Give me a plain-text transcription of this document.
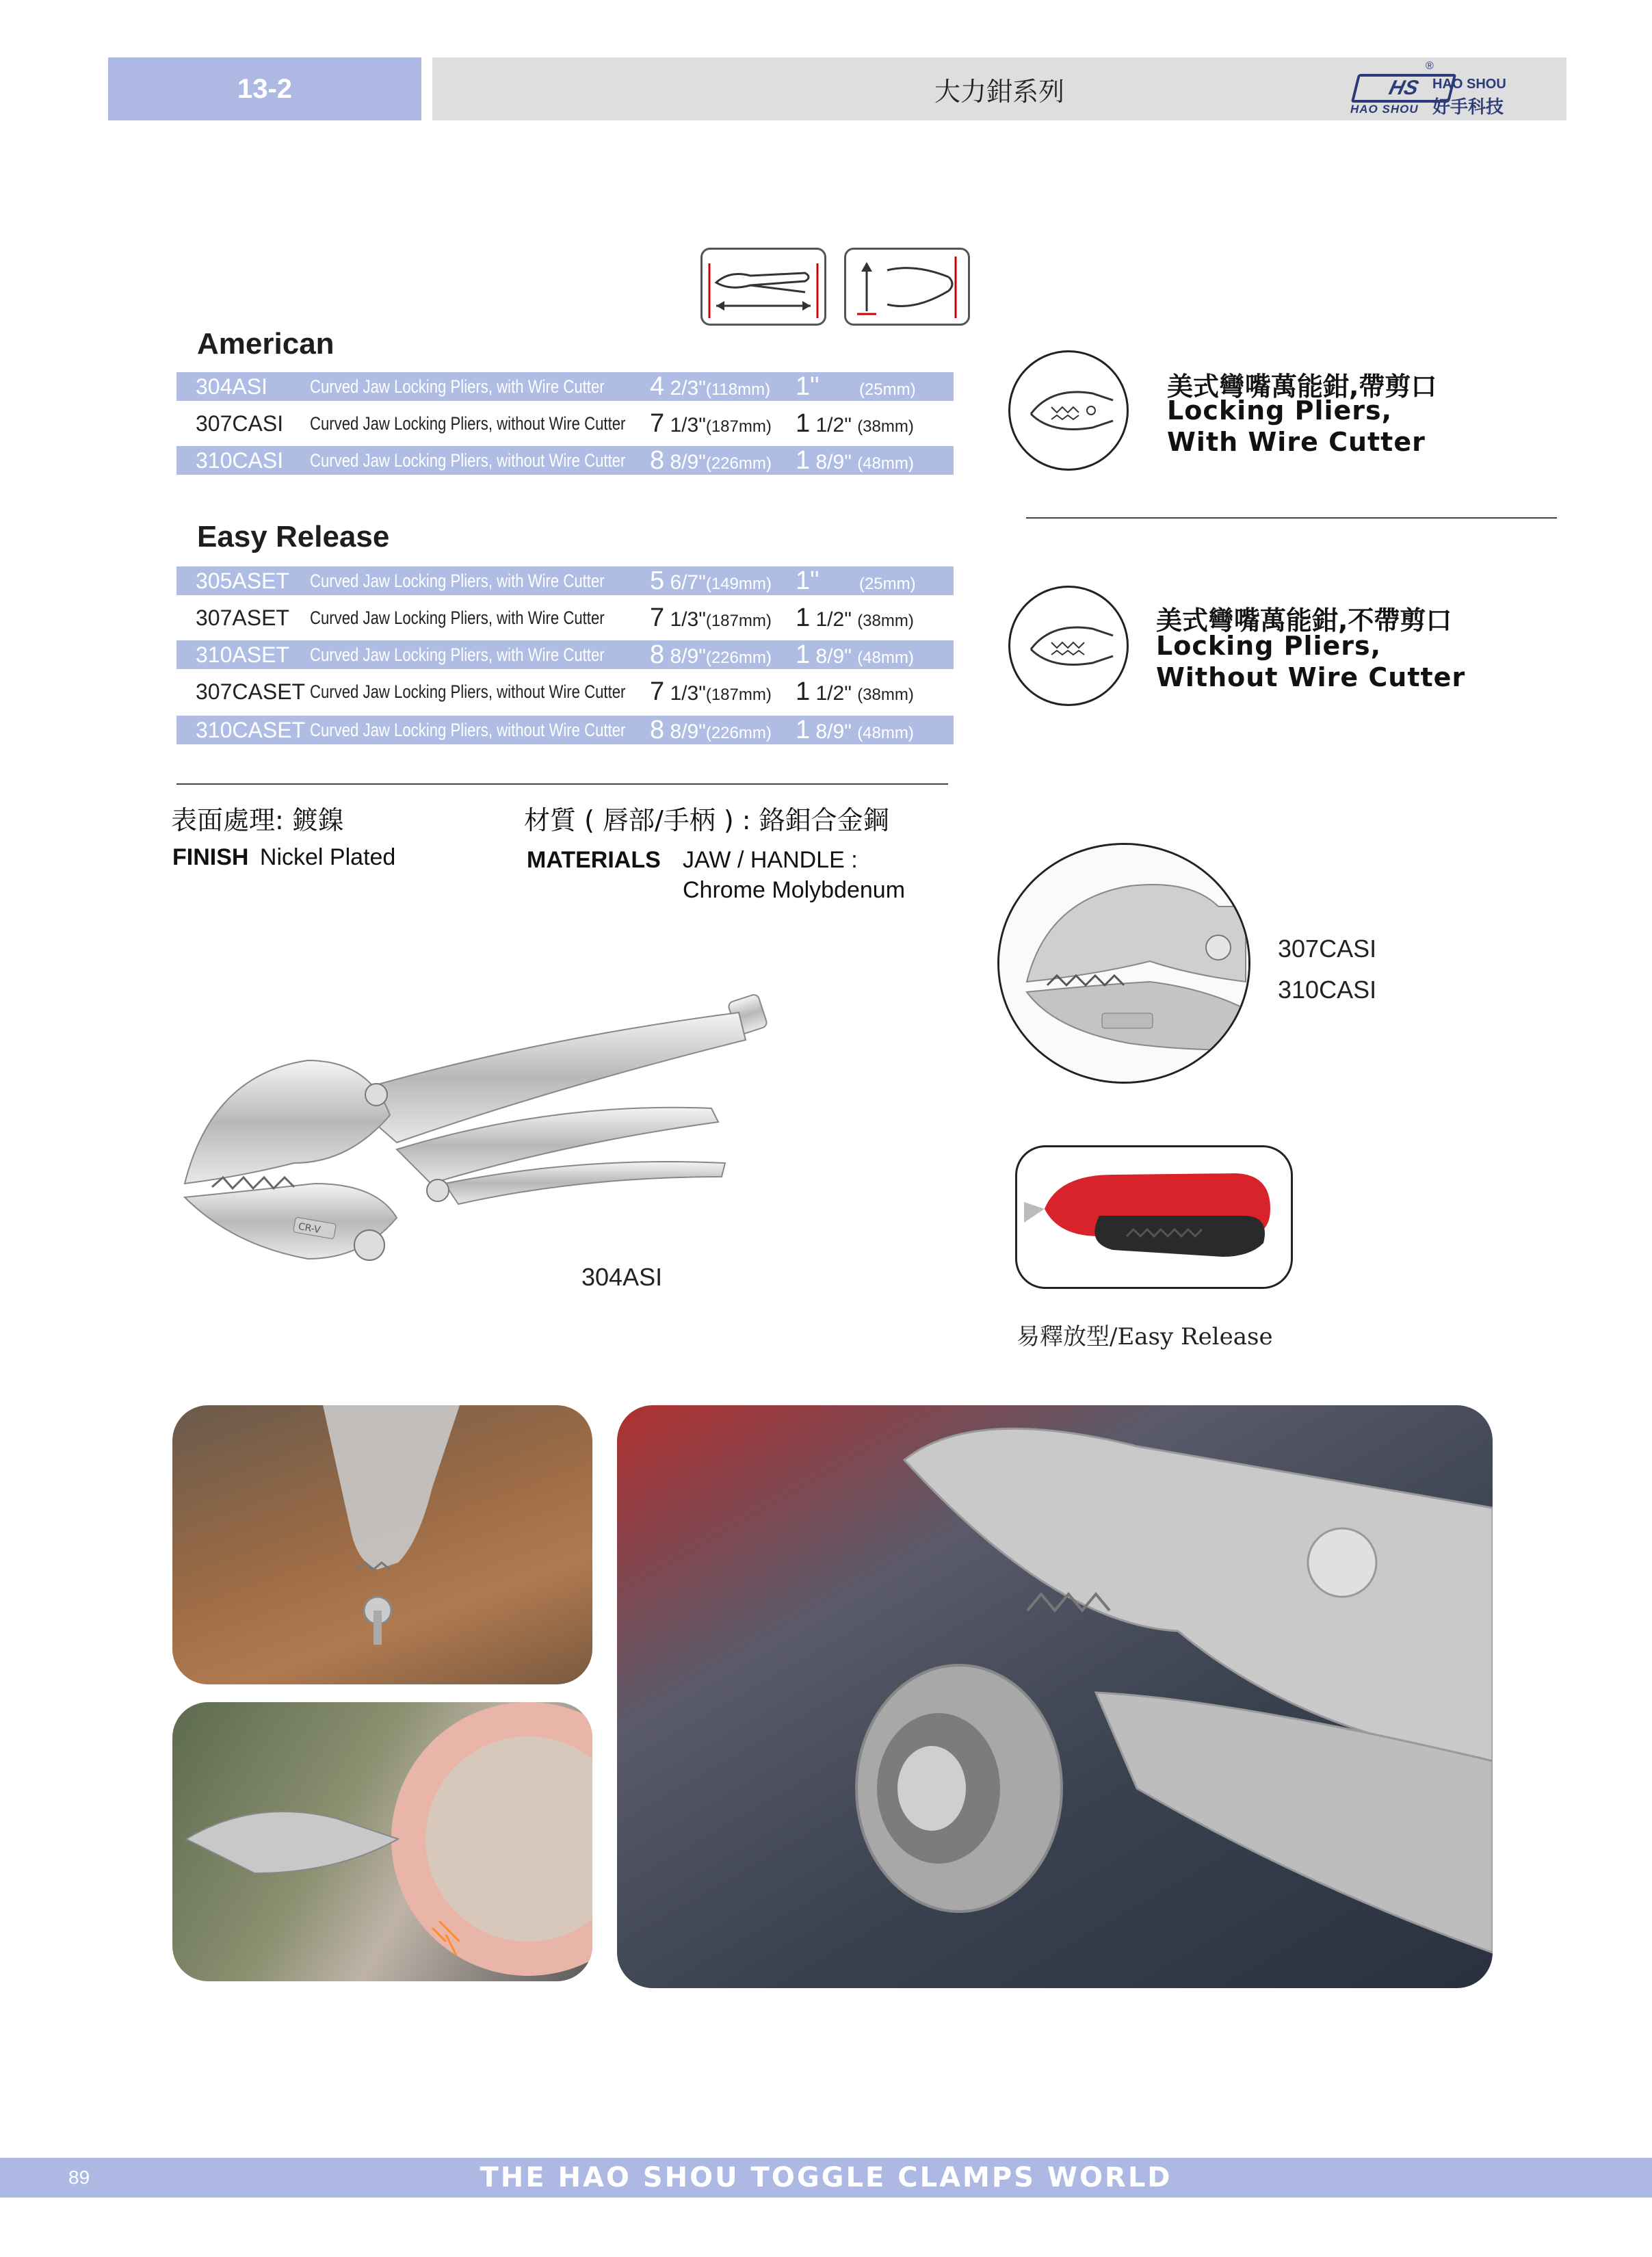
13-2	大力鉗系列	HS
HAO SHOU
®
HAO SHOU
好手科技
American
304ASI Curved Jaw Locking Pliers, with Wire Cutter 4 2/3"(118mm) 1" (25mm)
307CASI Curved Jaw Locking Pliers, without Wire Cutter 7 1/3"(187mm) 1 1/2" (38mm)
310CASI Curved Jaw Locking Pliers, without Wire Cutter 8 8/9"(226mm) 1 8/9" (48mm)
Easy Release
305ASET Curved Jaw Locking Pliers, with Wire Cutter 5 6/7"(149mm) 1" (25mm)
307ASET Curved Jaw Locking Pliers, with Wire Cutter 7 1/3"(187mm) 1 1/2" (38mm)
310ASET Curved Jaw Locking Pliers, with Wire Cutter 8 8/9"(226mm) 1 8/9" (48mm)
307CASET Curved Jaw Locking Pliers, without Wire Cutter 7 1/3"(187mm) 1 1/2" (38mm)
310CASET Curved Jaw Locking Pliers, without Wire Cutter 8 8/9"(226mm) 1 8/9" (48mm)
美式彎嘴萬能鉗,帶剪口
Locking Pliers,
With Wire Cutter
美式彎嘴萬能鉗,不帶剪口
Locking Pliers,
Without Wire Cutter
表面處理: 鍍鎳
FINISH Nickel Plated
材質 ( 唇部/手柄 ) : 鉻鉬合金鋼
MATERIALS JAW / HANDLE :
Chrome Molybdenum
CR-V
304ASI
307CASI
310CASI
易釋放型/Easy Release
89	THE HAO SHOU TOGGLE CLAMPS WORLD
